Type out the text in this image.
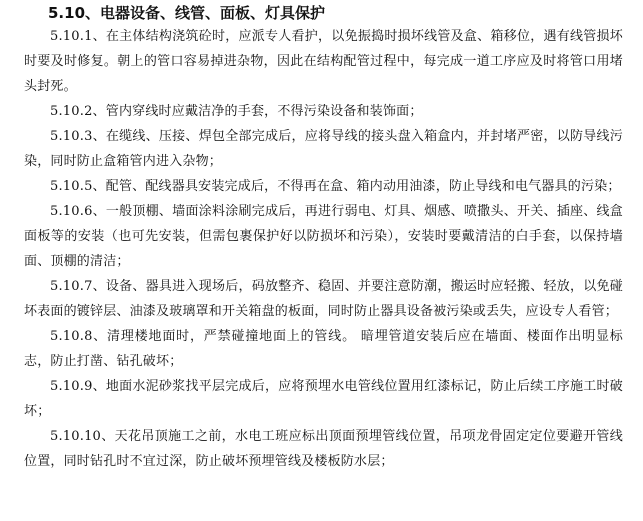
5.10、电器设备、线管、面板、灯具保护

5.10.1、在主体结构浇筑砼时，应派专人看护，以免振捣时损坏线管及盒、箱移位，遇有线管损坏时要及时修复。朝上的管口容易掉进杂物，因此在结构配管过程中，每完成一道工序应及时将管口用堵头封死。

5.10.2、管内穿线时应戴洁净的手套，不得污染设备和装饰面；

5.10.3、在缆线、压接、焊包全部完成后，应将导线的接头盘入箱盒内，并封堵严密，以防导线污染，同时防止盒箱管内进入杂物；

5.10.5、配管、配线器具安装完成后，不得再在盒、箱内动用油漆，防止导线和电气器具的污染；

5.10.6、一般顶棚、墙面涂料涂刷完成后，再进行弱电、灯具、烟感、喷撒头、开关、插座、线盒面板等的安装（也可先安装，但需包裹保护好以防损坏和污染），安装时要戴清洁的白手套，以保持墙面、顶棚的清洁；

5.10.7、设备、器具进入现场后，码放整齐、稳固、并要注意防潮，搬运时应轻搬、轻放，以免碰坏表面的镀锌层、油漆及玻璃罩和开关箱盘的板面，同时防止器具设备被污染或丢失，应设专人看管；

5.10.8、清理楼地面时，严禁碰撞地面上的管线。 暗埋管道安装后应在墙面、楼面作出明显标志，防止打凿、钻孔破坏；

5.10.9、地面水泥砂浆找平层完成后，应将预埋水电管线位置用红漆标记，防止后续工序施工时破坏；

5.10.10、天花吊顶施工之前，水电工班应标出顶面预埋管线位置，吊项龙骨固定定位要避开管线位置，同时钻孔时不宜过深，防止破坏预埋管线及楼板防水层；
